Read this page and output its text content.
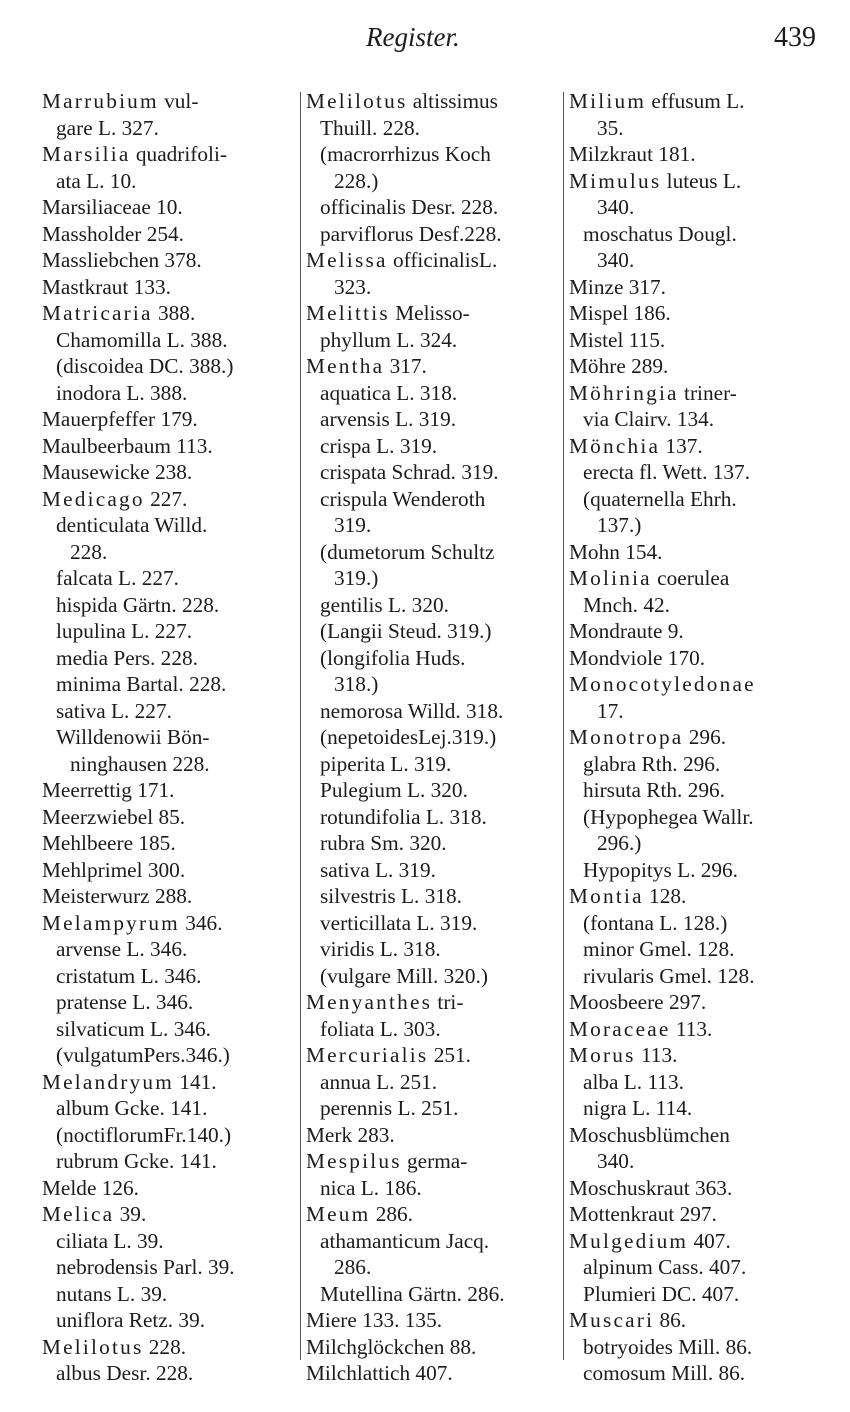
Register.	439
Marrubium vul-
gare L. 327.
Marsilia quadrifoli-
ata L. 10.
Marsiliaceae 10.
Massholder 254.
Massliebchen 378.
Mastkraut 133.
Matricaria 388.
Chamomilla L. 388.
(discoidea DC. 388.)
inodora L. 388.
Mauerpfeffer 179.
Maulbeerbaum 113.
Mausewicke 238.
Medicago 227.
denticulata Willd.
228.
falcata L. 227.
hispida Gärtn. 228.
lupulina L. 227.
media Pers. 228.
minima Bartal. 228.
sativa L. 227.
Willdenowii Bön-
ninghausen 228.
Meerrettig 171.
Meerzwiebel 85.
Mehlbeere 185.
Mehlprimel 300.
Meisterwurz 288.
Melampyrum 346.
arvense L. 346.
cristatum L. 346.
pratense L. 346.
silvaticum L. 346.
(vulgatumPers.346.)
Melandryum 141.
album Gcke. 141.
(noctiflorumFr.140.)
rubrum Gcke. 141.
Melde 126.
Melica 39.
ciliata L. 39.
nebrodensis Parl. 39.
nutans L. 39.
uniflora Retz. 39.
Melilotus 228.
albus Desr. 228.
Melilotus altissimus
Thuill. 228.
(macrorrhizus Koch
228.)
officinalis Desr. 228.
parviflorus Desf.228.
Melissa officinalisL.
323.
Melittis Melisso-
phyllum L. 324.
Mentha 317.
aquatica L. 318.
arvensis L. 319.
crispa L. 319.
crispata Schrad. 319.
crispula Wenderoth
319.
(dumetorum Schultz
319.)
gentilis L. 320.
(Langii Steud. 319.)
(longifolia Huds.
318.)
nemorosa Willd. 318.
(nepetoidesLej.319.)
piperita L. 319.
Pulegium L. 320.
rotundifolia L. 318.
rubra Sm. 320.
sativa L. 319.
silvestris L. 318.
verticillata L. 319.
viridis L. 318.
(vulgare Mill. 320.)
Menyanthes tri-
foliata L. 303.
Mercurialis 251.
annua L. 251.
perennis L. 251.
Merk 283.
Mespilus germa-
nica L. 186.
Meum 286.
athamanticum Jacq.
286.
Mutellina Gärtn. 286.
Miere 133. 135.
Milchglöckchen 88.
Milchlattich 407.
Milium effusum L.
35.
Milzkraut 181.
Mimulus luteus L.
340.
moschatus Dougl.
340.
Minze 317.
Mispel 186.
Mistel 115.
Möhre 289.
Möhringia triner-
via Clairv. 134.
Mönchia 137.
erecta fl. Wett. 137.
(quaternella Ehrh.
137.)
Mohn 154.
Molinia coerulea
Mnch. 42.
Mondraute 9.
Mondviole 170.
Monocotyledonae
17.
Monotropa 296.
glabra Rth. 296.
hirsuta Rth. 296.
(Hypophegea Wallr.
296.)
Hypopitys L. 296.
Montia 128.
(fontana L. 128.)
minor Gmel. 128.
rivularis Gmel. 128.
Moosbeere 297.
Moraceae 113.
Morus 113.
alba L. 113.
nigra L. 114.
Moschusblümchen
340.
Moschuskraut 363.
Mottenkraut 297.
Mulgedium 407.
alpinum Cass. 407.
Plumieri DC. 407.
Muscari 86.
botryoides Mill. 86.
comosum Mill. 86.
